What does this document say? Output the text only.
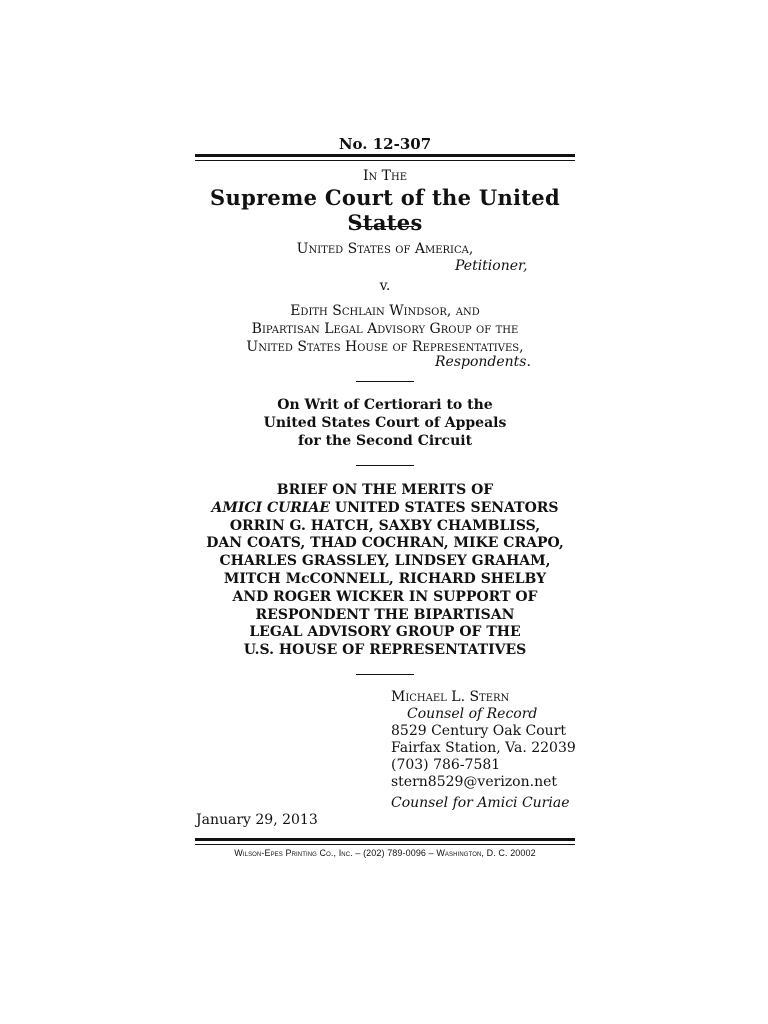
No. 12-307
In The
Supreme Court of the United States
United States of America,
Petitioner,
v.
Edith Schlain Windsor, and
Bipartisan Legal Advisory Group of the
United States House of Representatives,
Respondents.
On Writ of Certiorari to the
United States Court of Appeals
for the Second Circuit
BRIEF ON THE MERITS OF
AMICI CURIAE UNITED STATES SENATORS
ORRIN G. HATCH, SAXBY CHAMBLISS,
DAN COATS, THAD COCHRAN, MIKE CRAPO,
CHARLES GRASSLEY, LINDSEY GRAHAM,
MITCH McCONNELL, RICHARD SHELBY
AND ROGER WICKER IN SUPPORT OF
RESPONDENT THE BIPARTISAN
LEGAL ADVISORY GROUP OF THE
U.S. HOUSE OF REPRESENTATIVES
Michael L. Stern
Counsel of Record
8529 Century Oak Court
Fairfax Station, Va. 22039
(703) 786-7581
stern8529@verizon.net
Counsel for Amici Curiae
January 29, 2013
Wilson-Epes Printing Co., Inc. – (202) 789-0096 – Washington, D. C. 20002
